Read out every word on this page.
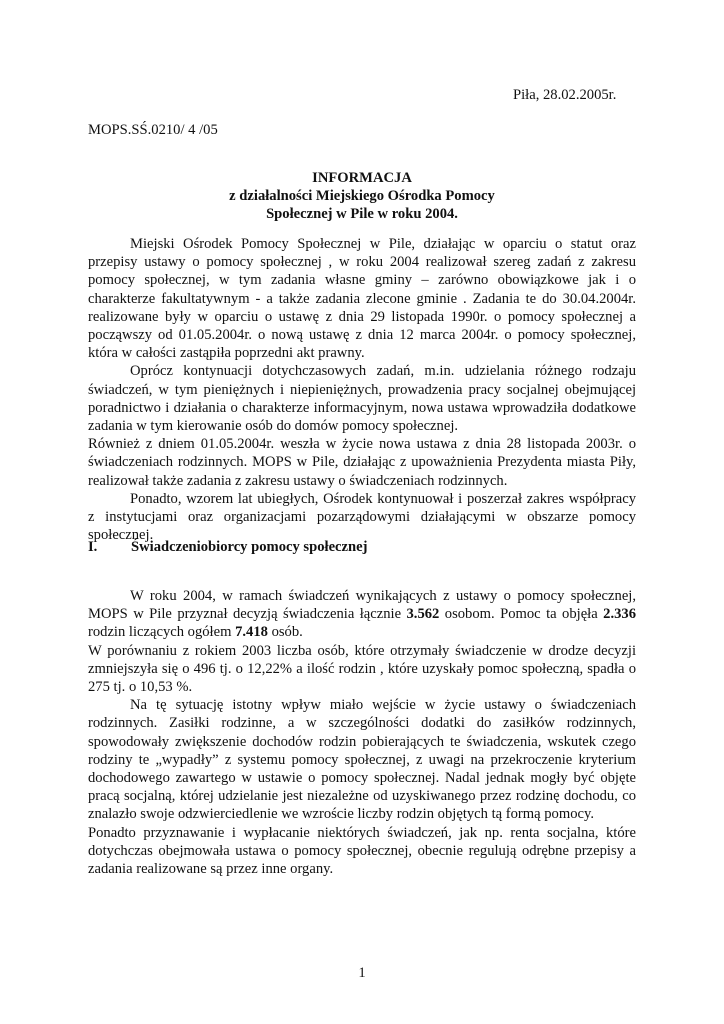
Piła, 28.02.2005r.
MOPS.SŚ.0210/ 4 /05
INFORMACJA
z działalności Miejskiego Ośrodka Pomocy
Społecznej w Pile w roku 2004.

Miejski Ośrodek Pomocy Społecznej w Pile, działając w oparciu o statut oraz przepisy ustawy o pomocy społecznej , w roku 2004 realizował szereg zadań z zakresu pomocy społecznej, w tym zadania własne gminy – zarówno obowiązkowe jak i o charakterze fakultatywnym - a także zadania zlecone gminie . Zadania te do 30.04.2004r. realizowane były w oparciu o ustawę z dnia 29 listopada 1990r. o pomocy społecznej a począwszy od 01.05.2004r. o nową ustawę z dnia 12 marca 2004r. o pomocy społecznej, która w całości zastąpiła poprzedni akt prawny.

Oprócz kontynuacji dotychczasowych zadań, m.in. udzielania różnego rodzaju świadczeń, w tym pieniężnych i niepieniężnych, prowadzenia pracy socjalnej obejmującej poradnictwo i działania o charakterze informacyjnym, nowa ustawa wprowadziła dodatkowe zadania w tym kierowanie osób do domów pomocy społecznej.

Również z dniem 01.05.2004r. weszła w życie nowa ustawa z dnia 28 listopada 2003r. o świadczeniach rodzinnych. MOPS w Pile, działając z upoważnienia Prezydenta miasta Piły, realizował także zadania z zakresu ustawy o świadczeniach rodzinnych.

Ponadto, wzorem lat ubiegłych, Ośrodek kontynuował i poszerzał zakres współpracy z instytucjami oraz organizacjami pozarządowymi działającymi w obszarze pomocy społecznej.

I. Świadczeniobiorcy pomocy społecznej

W roku 2004, w ramach świadczeń wynikających z ustawy o pomocy społecznej, MOPS w Pile przyznał decyzją świadczenia łącznie 3.562 osobom. Pomoc ta objęła 2.336 rodzin liczących ogółem 7.418 osób.

W porównaniu z rokiem 2003 liczba osób, które otrzymały świadczenie w drodze decyzji zmniejszyła się o 496 tj. o 12,22% a ilość rodzin , które uzyskały pomoc społeczną, spadła o 275 tj. o 10,53 %.

Na tę sytuację istotny wpływ miało wejście w życie ustawy o świadczeniach rodzinnych. Zasiłki rodzinne, a w szczególności dodatki do zasiłków rodzinnych, spowodowały zwiększenie dochodów rodzin pobierających te świadczenia, wskutek czego rodziny te „wypadły” z systemu pomocy społecznej, z uwagi na przekroczenie kryterium dochodowego zawartego w ustawie o pomocy społecznej. Nadal jednak mogły być objęte pracą socjalną, której udzielanie jest niezależne od uzyskiwanego przez rodzinę dochodu, co znalazło swoje odzwierciedlenie we wzroście liczby rodzin objętych tą formą pomocy.

Ponadto przyznawanie i wypłacanie niektórych świadczeń, jak np. renta socjalna, które dotychczas obejmowała ustawa o pomocy społecznej, obecnie regulują odrębne przepisy a zadania realizowane są przez inne organy.

1
